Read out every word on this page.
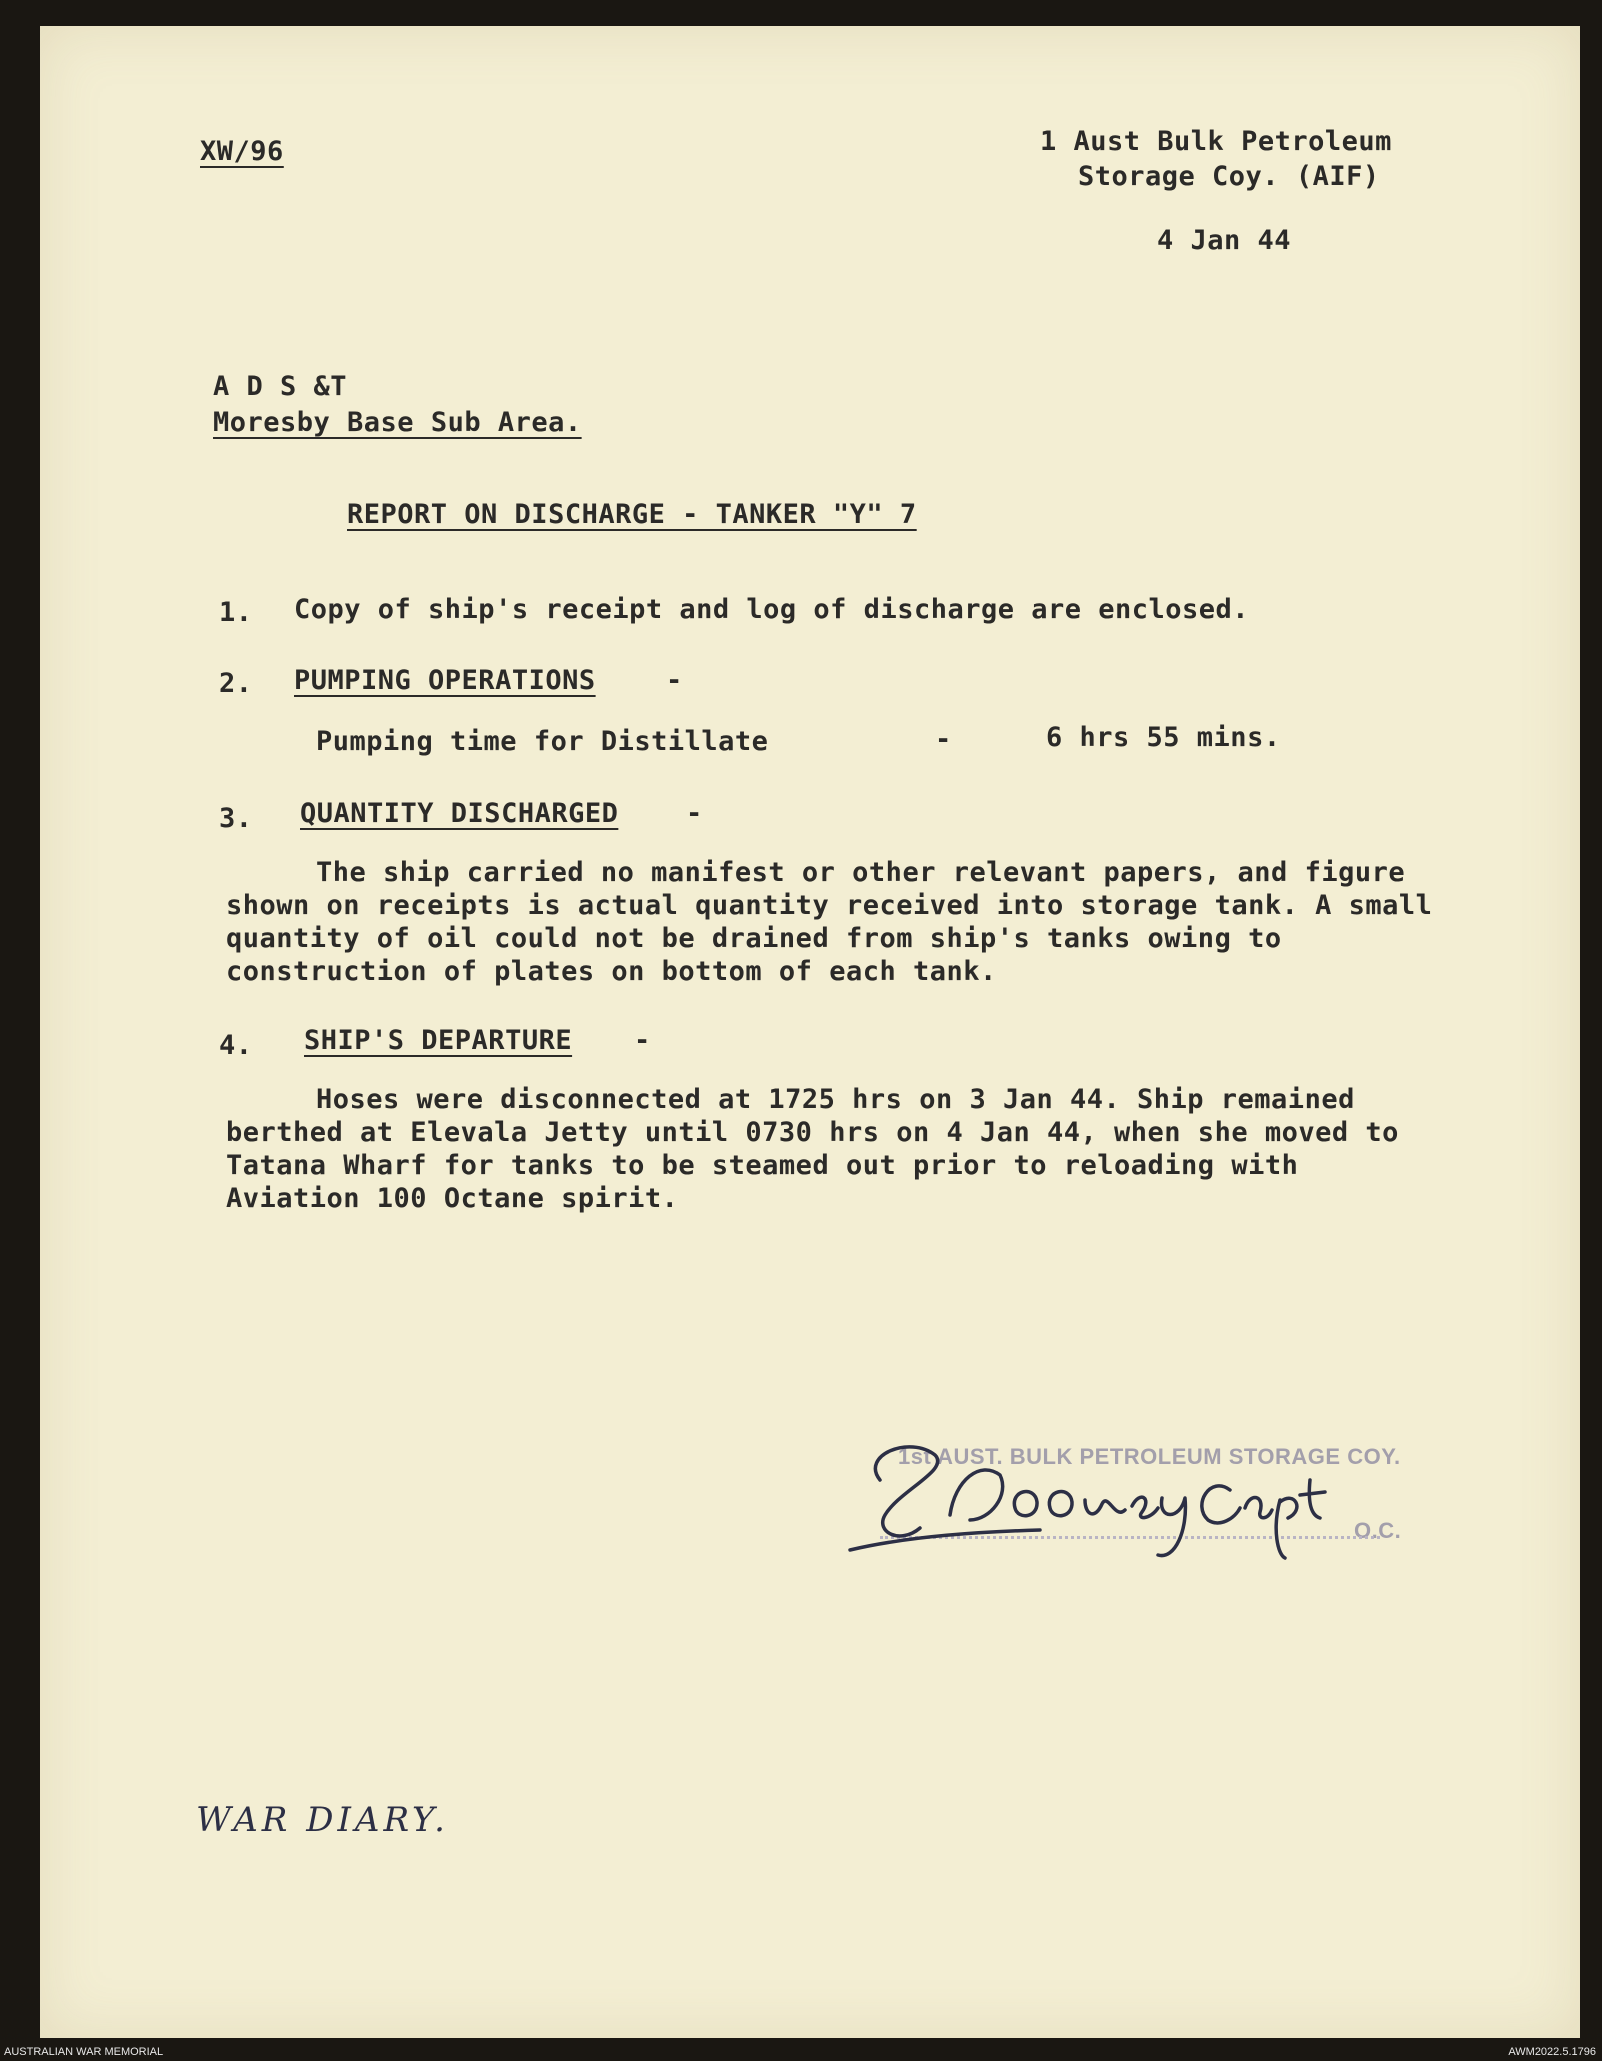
XW/96	1 Aust Bulk Petroleum
Storage Coy. (AIF)
4 Jan 44
A D S &T
Moresby Base Sub Area.
REPORT ON DISCHARGE - TANKER "Y" 7
1. Copy of ship's receipt and log of discharge are enclosed.
2. PUMPING OPERATIONS	-
Pumping time for Distillate	-	6 hrs 55 mins.
3. QUANTITY DISCHARGED	-
The ship carried no manifest or other relevant papers, and figure shown on receipts is actual quantity received into storage tank. A small quantity of oil could not be drained from ship's tanks owing to construction of plates on bottom of each tank.
4. SHIP'S DEPARTURE -
Hoses were disconnected at 1725 hrs on 3 Jan 44. Ship remained berthed at Elevala Jetty until 0730 hrs on 4 Jan 44, when she moved to Tatana Wharf for tanks to be steamed out prior to reloading with Aviation 100 Octane spirit.
1st AUST. BULK PETROLEUM STORAGE COY.
O.C.
WAR DIARY.
AUSTRALIAN WAR MEMORIAL	AWM2022.5.1796
